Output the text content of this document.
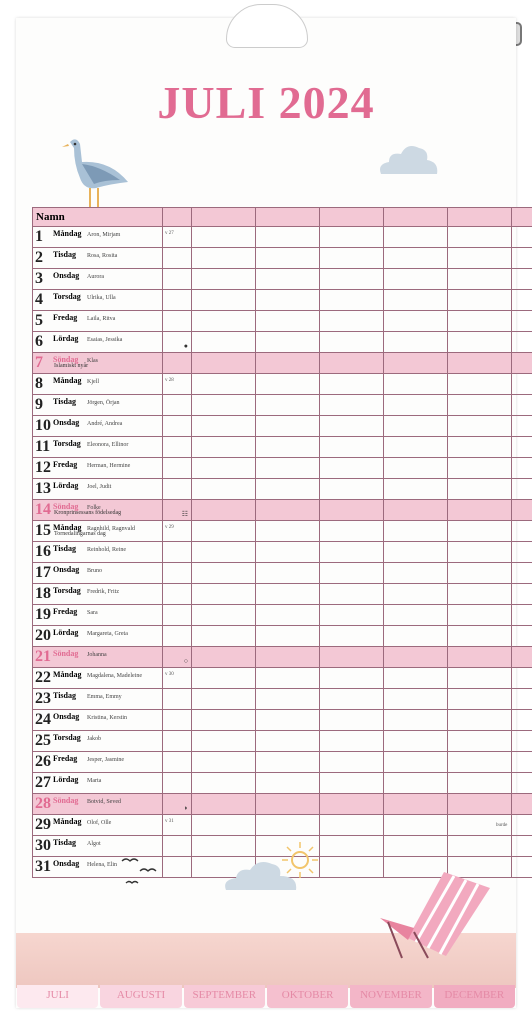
JULI 2024
Namn							
1 Måndag Aron, Mirjam	v 27						
2 Tisdag Rosa, Rosita							
3 Onsdag Aurora							
4 Torsdag Ulrika, Ulla							
5 Fredag Laila, Ritva							
6 Lördag Esaias, Jessika	●						

7 Söndag Klas
Islamiskt nyår							

8 Måndag Kjell	v 28						
9 Tisdag Jörgen, Örjan							
10 Onsdag André, Andrea							
11 Torsdag Eleonora, Ellinor							
12 Fredag Herman, Hermine							
13 Lördag Joel, Judit							
14 Söndag Folke
Kronprinsessans födelsedag	☷						

15 Måndag Ragnhild, Ragnvald
Tornedalingarnas dag	v 29						
16 Tisdag Reinhold, Reine							
17 Onsdag Bruno							
18 Torsdag Fredrik, Fritz							
19 Fredag Sara							
20 Lördag Margareta, Greta							
21 Söndag Johanna	○						

22 Måndag Magdalena, Madeleine	v 30						
23 Tisdag Emma, Emmy							
24 Onsdag Kristina, Kerstin							
25 Torsdag Jakob							
26 Fredag Jesper, Jasmine							
27 Lördag Marta							
28 Söndag Botvid, Seved	◗						

29 Måndag Olof, Olle	v 31						
30 Tisdag Algot							
31 Onsdag Helena, Elin							
burde
JULI	AUGUSTI	SEPTEMBER	OKTOBER	NOVEMBER	DECEMBER
